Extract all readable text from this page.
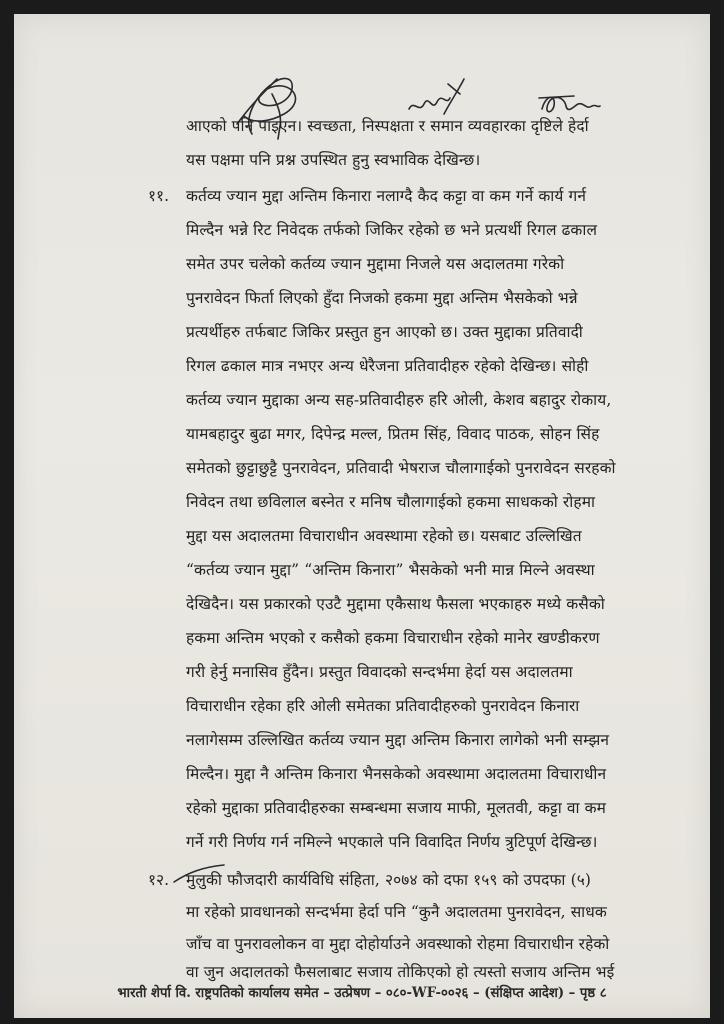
आएको पनि पाइएन। स्वच्छता, निस्पक्षता र समान व्यवहारका दृष्टिले हेर्दा
यस पक्षमा पनि प्रश्न उपस्थित हुनु स्वभाविक देखिन्छ।
११. कर्तव्य ज्यान मुद्दा अन्तिम किनारा नलाग्दै कैद कट्टा वा कम गर्ने कार्य गर्न
मिल्दैन भन्ने रिट निवेदक तर्फको जिकिर रहेको छ भने प्रत्यर्थी रिगल ढकाल
समेत उपर चलेको कर्तव्य ज्यान मुद्दामा निजले यस अदालतमा गरेको
पुनरावेदन फिर्ता लिएको हुँदा निजको हकमा मुद्दा अन्तिम भैसकेको भन्ने
प्रत्यर्थीहरु तर्फबाट जिकिर प्रस्तुत हुन आएको छ। उक्त मुद्दाका प्रतिवादी
रिगल ढकाल मात्र नभएर अन्य धेरैजना प्रतिवादीहरु रहेको देखिन्छ। सोही
कर्तव्य ज्यान मुद्दाका अन्य सह-प्रतिवादीहरु हरि ओली, केशव बहादुर रोकाय,
यामबहादुर बुढा मगर, दिपेन्द्र मल्ल, प्रितम सिंह, विवाद पाठक, सोहन सिंह
समेतको छुट्टाछुट्टै पुनरावेदन, प्रतिवादी भेषराज चौलागाईको पुनरावेदन सरहको
निवेदन तथा छविलाल बस्नेत र मनिष चौलागाईको हकमा साधकको रोहमा
मुद्दा यस अदालतमा विचाराधीन अवस्थामा रहेको छ। यसबाट उल्लिखित
“कर्तव्य ज्यान मुद्दा” “अन्तिम किनारा” भैसकेको भनी मान्न मिल्ने अवस्था
देखिदैन। यस प्रकारको एउटै मुद्दामा एकैसाथ फैसला भएकाहरु मध्ये कसैको
हकमा अन्तिम भएको र कसैको हकमा विचाराधीन रहेको मानेर खण्डीकरण
गरी हेर्नु मनासिव हुँदैन। प्रस्तुत विवादको सन्दर्भमा हेर्दा यस अदालतमा
विचाराधीन रहेका हरि ओली समेतका प्रतिवादीहरुको पुनरावेदन किनारा
नलागेसम्म उल्लिखित कर्तव्य ज्यान मुद्दा अन्तिम किनारा लागेको भनी सम्झन
मिल्दैन। मुद्दा नै अन्तिम किनारा भैनसकेको अवस्थामा अदालतमा विचाराधीन
रहेको मुद्दाका प्रतिवादीहरुका सम्बन्धमा सजाय माफी, मूलतवी, कट्टा वा कम
गर्ने गरी निर्णय गर्न नमिल्ने भएकाले पनि विवादित निर्णय त्रुटिपूर्ण देखिन्छ।
१२. मुलुकी फौजदारी कार्यविधि संहिता, २०७४ को दफा १५९ को उपदफा (५)
मा रहेको प्रावधानको सन्दर्भमा हेर्दा पनि “कुनै अदालतमा पुनरावेदन, साधक
जाँच वा पुनरावलोकन वा मुद्दा दोहोर्याउने अवस्थाको रोहमा विचाराधीन रहेको
वा जुन अदालतको फैसलाबाट सजाय तोकिएको हो त्यस्तो सजाय अन्तिम भई
भारती शेर्पा वि. राष्ट्रपतिको कार्यालय समेत – उत्प्रेषण – ०८०-WF-००२६ – (संक्षिप्त आदेश) – पृष्ठ ८
